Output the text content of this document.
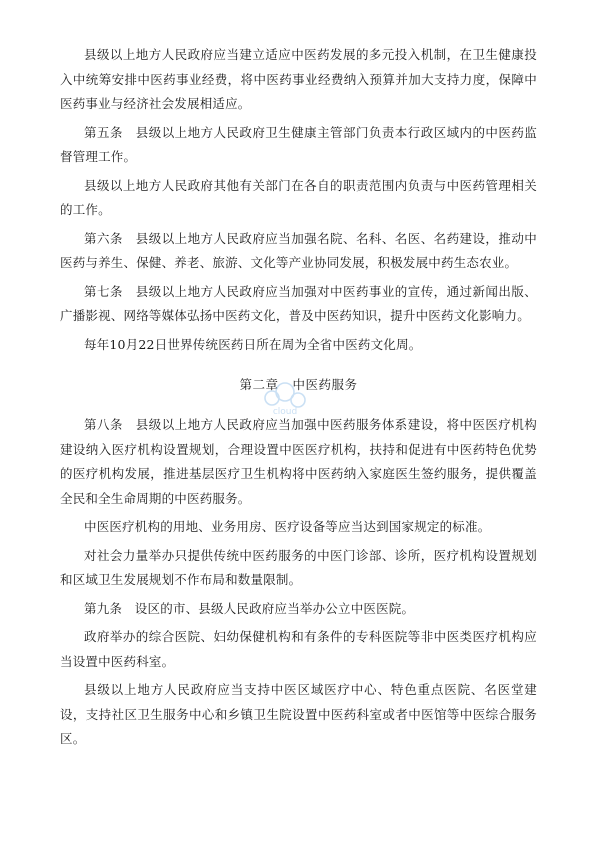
县级以上地方人民政府应当建立适应中医药发展的多元投入机制，在卫生健康投入中统筹安排中医药事业经费，将中医药事业经费纳入预算并加大支持力度，保障中医药事业与经济社会发展相适应。

第五条　县级以上地方人民政府卫生健康主管部门负责本行政区域内的中医药监督管理工作。

县级以上地方人民政府其他有关部门在各自的职责范围内负责与中医药管理相关的工作。

第六条　县级以上地方人民政府应当加强名院、名科、名医、名药建设，推动中医药与养生、保健、养老、旅游、文化等产业协同发展，积极发展中药生态农业。

第七条　县级以上地方人民政府应当加强对中医药事业的宣传，通过新闻出版、广播影视、网络等媒体弘扬中医药文化，普及中医药知识，提升中医药文化影响力。

每年10月22日世界传统医药日所在周为全省中医药文化周。

第二章 中医药服务

第八条　县级以上地方人民政府应当加强中医药服务体系建设，将中医医疗机构建设纳入医疗机构设置规划，合理设置中医医疗机构，扶持和促进有中医药特色优势的医疗机构发展，推进基层医疗卫生机构将中医药纳入家庭医生签约服务，提供覆盖全民和全生命周期的中医药服务。

中医医疗机构的用地、业务用房、医疗设备等应当达到国家规定的标准。

对社会力量举办只提供传统中医药服务的中医门诊部、诊所，医疗机构设置规划和区域卫生发展规划不作布局和数量限制。

第九条　设区的市、县级人民政府应当举办公立中医医院。

政府举办的综合医院、妇幼保健机构和有条件的专科医院等非中医类医疗机构应当设置中医药科室。

县级以上地方人民政府应当支持中医区域医疗中心、特色重点医院、名医堂建设，支持社区卫生服务中心和乡镇卫生院设置中医药科室或者中医馆等中医综合服务区。

cloud
